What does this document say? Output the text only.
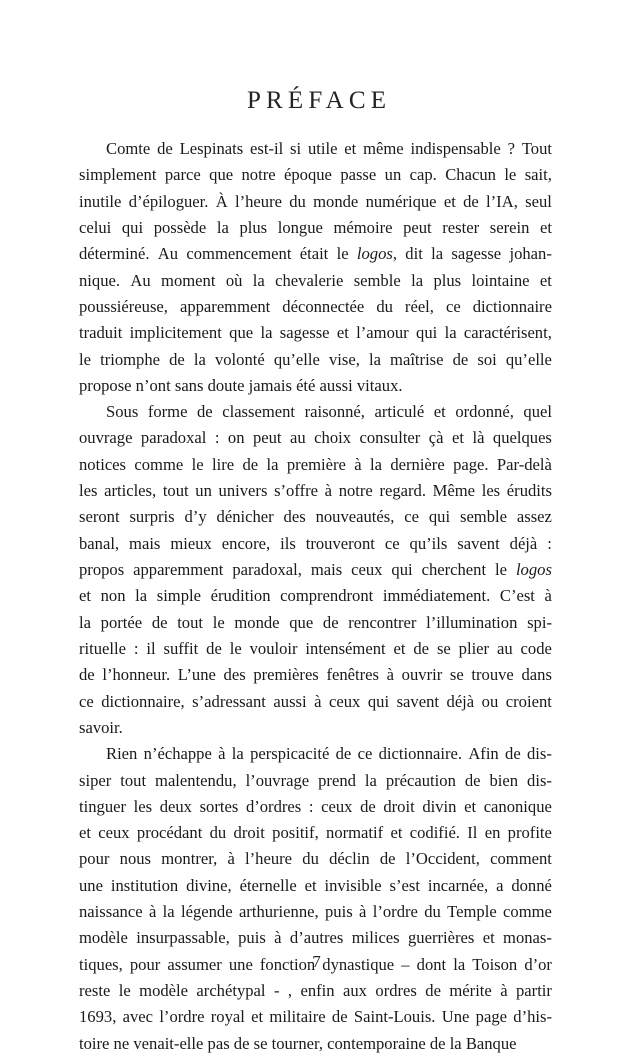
PRÉFACE
Comte de Lespinats est-il si utile et même indispensable ? Tout
simplement parce que notre époque passe un cap. Chacun le sait,
inutile d’épiloguer. À l’heure du monde numérique et de l’IA, seul
celui qui possède la plus longue mémoire peut rester serein et
déterminé. Au commencement était le logos, dit la sagesse johan-
nique. Au moment où la chevalerie semble la plus lointaine et
poussiéreuse, apparemment déconnectée du réel, ce dictionnaire
traduit implicitement que la sagesse et l’amour qui la caractérisent,
le triomphe de la volonté qu’elle vise, la maîtrise de soi qu’elle
propose n’ont sans doute jamais été aussi vitaux.
Sous forme de classement raisonné, articulé et ordonné, quel
ouvrage paradoxal : on peut au choix consulter çà et là quelques
notices comme le lire de la première à la dernière page. Par-delà
les articles, tout un univers s’offre à notre regard. Même les érudits
seront surpris d’y dénicher des nouveautés, ce qui semble assez
banal, mais mieux encore, ils trouveront ce qu’ils savent déjà :
propos apparemment paradoxal, mais ceux qui cherchent le logos
et non la simple érudition comprendront immédiatement. C’est à
la portée de tout le monde que de rencontrer l’illumination spi-
rituelle : il suffit de le vouloir intensément et de se plier au code
de l’honneur. L’une des premières fenêtres à ouvrir se trouve dans
ce dictionnaire, s’adressant aussi à ceux qui savent déjà ou croient
savoir.
Rien n’échappe à la perspicacité de ce dictionnaire. Afin de dis-
siper tout malentendu, l’ouvrage prend la précaution de bien dis-
tinguer les deux sortes d’ordres : ceux de droit divin et canonique
et ceux procédant du droit positif, normatif et codifié. Il en profite
pour nous montrer, à l’heure du déclin de l’Occident, comment
une institution divine, éternelle et invisible s’est incarnée, a donné
naissance à la légende arthurienne, puis à l’ordre du Temple comme
modèle insurpassable, puis à d’autres milices guerrières et monas-
tiques, pour assumer une fonction dynastique – dont la Toison d’or
reste le modèle archétypal - , enfin aux ordres de mérite à partir
1693, avec l’ordre royal et militaire de Saint-Louis. Une page d’his-
toire ne venait-elle pas de se tourner, contemporaine de la Banque
7
